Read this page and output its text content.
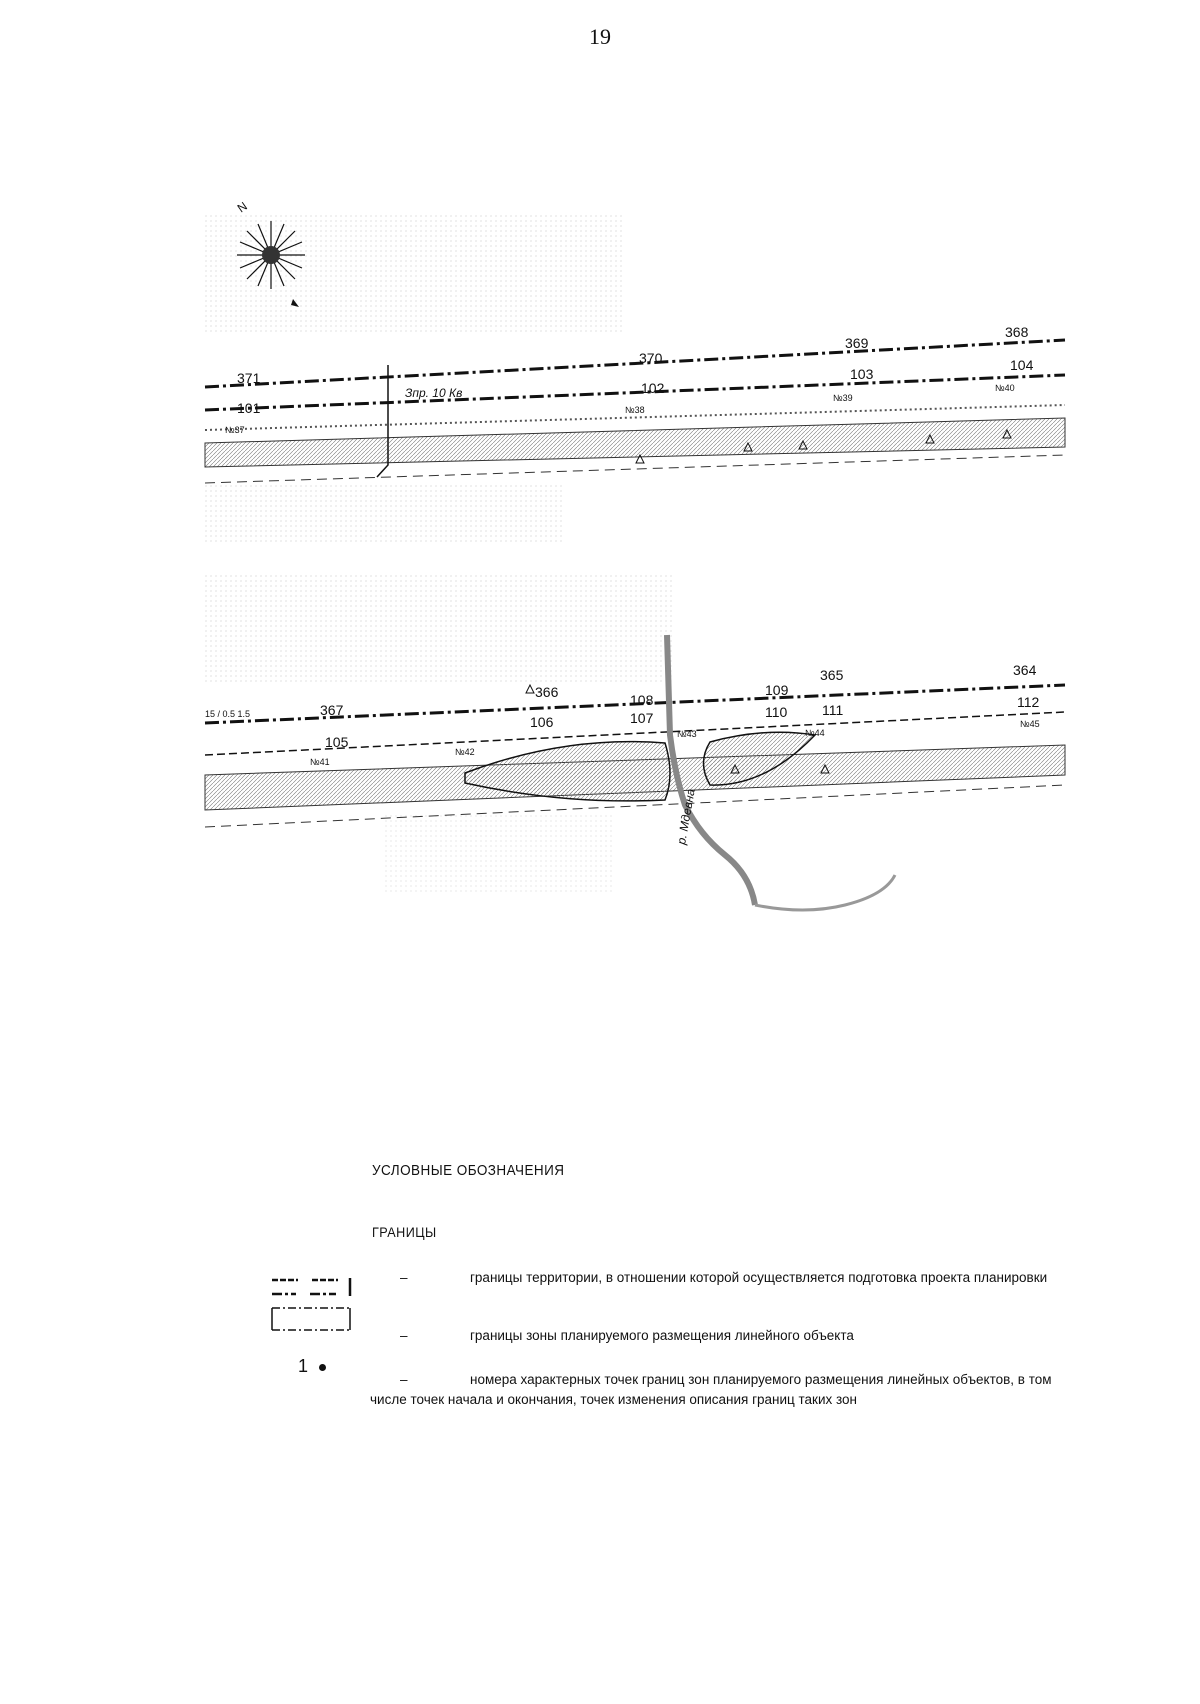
19
N
371
370
369
368
101
102
103
104
№37
№38
№39
№40
Зпр. 10 Кв
367
366
365	364
105
106
108
107
109
110 111	112
№41
№42
№43	№44
№45
15 / 0.5 1.5
р. Мдевна
УСЛОВНЫЕ ОБОЗНАЧЕНИЯ
ГРАНИЦЫ
1
–	границы территории, в отношении которой осуществляется подготовка проекта планировки
–	границы зоны планируемого размещения линейного объекта
–	номера характерных точек границ зон планируемого размещения линейных объектов, в том числе точек начала и окончания, точек изменения описания границ таких зон
